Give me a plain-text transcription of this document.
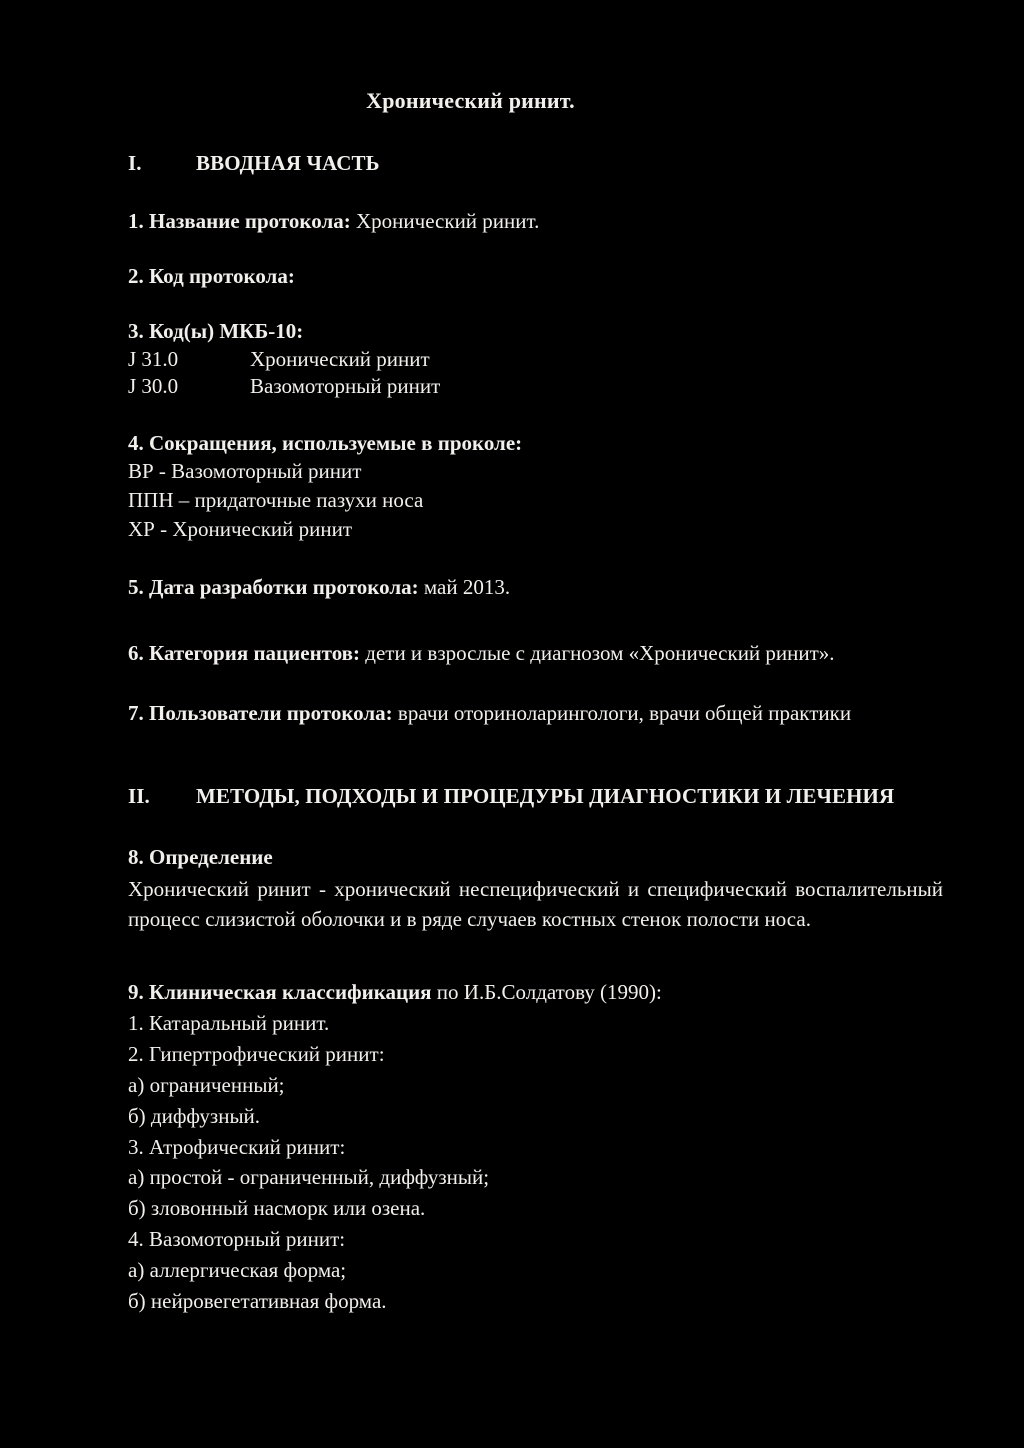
Хронический ринит.
I.	ВВОДНАЯ ЧАСТЬ
1. Название протокола: Хронический ринит.
2. Код протокола:
3. Код(ы) МКБ-10:
J 31.0	Хронический ринит
J 30.0	Вазомоторный ринит
4. Сокращения, используемые в проколе:
ВР - Вазомоторный ринит
ППН – придаточные пазухи носа
ХР - Хронический ринит
5. Дата разработки протокола: май 2013.
6. Категория пациентов: дети и взрослые с диагнозом «Хронический ринит».
7. Пользователи протокола: врачи оториноларингологи, врачи общей практики
II.	МЕТОДЫ, ПОДХОДЫ И ПРОЦЕДУРЫ ДИАГНОСТИКИ И ЛЕЧЕНИЯ
8. Определение
Хронический ринит - хронический неспецифический и специфический воспалительный процесс слизистой оболочки и в ряде случаев костных стенок полости носа.
9. Клиническая классификация по И.Б.Солдатову (1990):
1. Катаральный ринит.
2. Гипертрофический ринит:
а) ограниченный;
б) диффузный.
3. Атрофический ринит:
а) простой - ограниченный, диффузный;
б) зловонный насморк или озена.
4. Вазомоторный ринит:
а) аллергическая форма;
б) нейровегетативная форма.
